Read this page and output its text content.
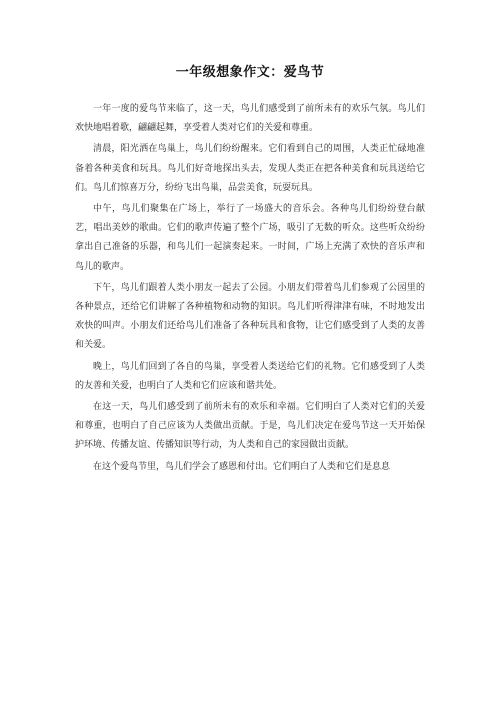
一年级想象作文：爱鸟节

一年一度的爱鸟节来临了，这一天，鸟儿们感受到了前所未有的欢乐气氛。鸟儿们欢快地唱着歌，翩翩起舞，享受着人类对它们的关爱和尊重。

清晨，阳光洒在鸟巢上，鸟儿们纷纷醒来。它们看到自己的周围，人类正忙碌地准备着各种美食和玩具。鸟儿们好奇地探出头去，发现人类正在把各种美食和玩具送给它们。鸟儿们惊喜万分，纷纷飞出鸟巢，品尝美食，玩耍玩具。

中午，鸟儿们聚集在广场上，举行了一场盛大的音乐会。各种鸟儿们纷纷登台献艺，唱出美妙的歌曲。它们的歌声传遍了整个广场，吸引了无数的听众。这些听众纷纷拿出自己准备的乐器，和鸟儿们一起演奏起来。一时间，广场上充满了欢快的音乐声和鸟儿的歌声。

下午，鸟儿们跟着人类小朋友一起去了公园。小朋友们带着鸟儿们参观了公园里的各种景点，还给它们讲解了各种植物和动物的知识。鸟儿们听得津津有味，不时地发出欢快的叫声。小朋友们还给鸟儿们准备了各种玩具和食物，让它们感受到了人类的友善和关爱。

晚上，鸟儿们回到了各自的鸟巢，享受着人类送给它们的礼物。它们感受到了人类的友善和关爱，也明白了人类和它们应该和谐共处。

在这一天，鸟儿们感受到了前所未有的欢乐和幸福。它们明白了人类对它们的关爱和尊重，也明白了自己应该为人类做出贡献。于是，鸟儿们决定在爱鸟节这一天开始保护环境、传播友谊、传播知识等行动，为人类和自己的家园做出贡献。

在这个爱鸟节里，鸟儿们学会了感恩和付出。它们明白了人类和它们是息息
